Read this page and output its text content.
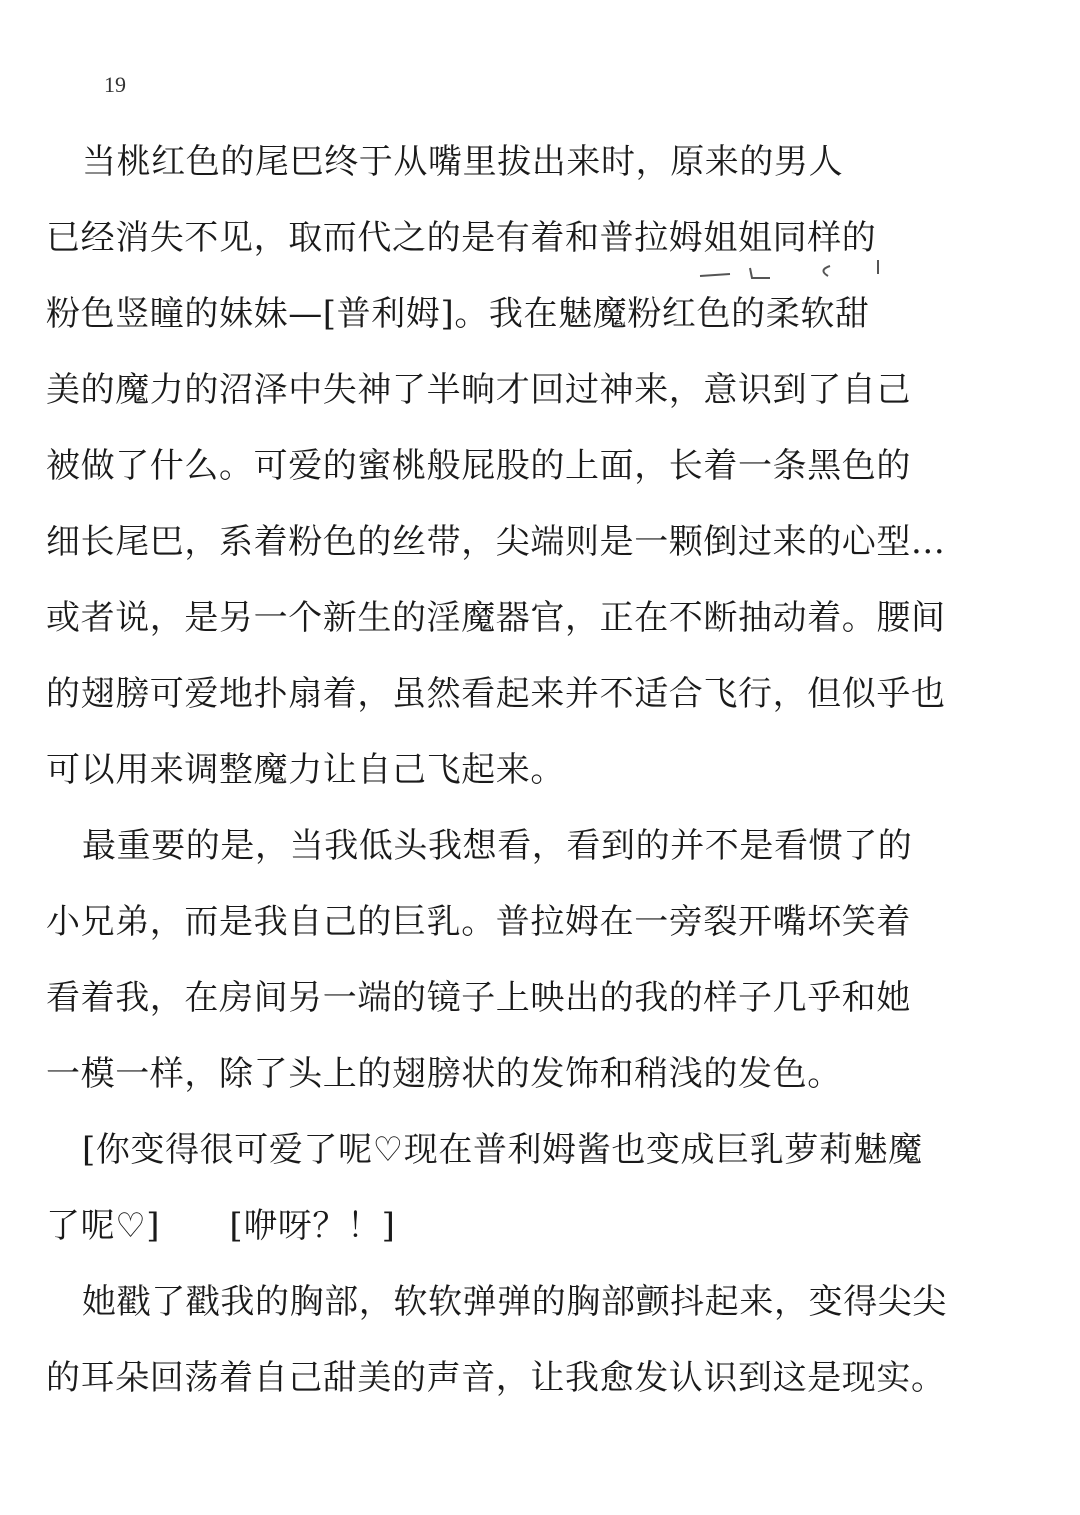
19
当桃红色的尾巴终于从嘴里拔出来时，原来的男人
已经消失不见，取而代之的是有着和普拉姆姐姐同样的
粉色竖瞳的妹妹—[普利姆]。我在魅魔粉红色的柔软甜
美的魔力的沼泽中失神了半晌才回过神来，意识到了自己
被做了什么。可爱的蜜桃般屁股的上面，长着一条黑色的
细长尾巴，系着粉色的丝带，尖端则是一颗倒过来的心型...
或者说，是另一个新生的淫魔器官，正在不断抽动着。腰间
的翅膀可爱地扑扇着，虽然看起来并不适合飞行，但似乎也
可以用来调整魔力让自己飞起来。
最重要的是，当我低头我想看，看到的并不是看惯了的
小兄弟，而是我自己的巨乳。普拉姆在一旁裂开嘴坏笑着
看着我，在房间另一端的镜子上映出的我的样子几乎和她
一模一样，除了头上的翅膀状的发饰和稍浅的发色。
[你变得很可爱了呢♡现在普利姆酱也变成巨乳萝莉魅魔
了呢♡]　　[咿呀？！]
她戳了戳我的胸部，软软弹弹的胸部颤抖起来，变得尖尖
的耳朵回荡着自己甜美的声音，让我愈发认识到这是现实。
